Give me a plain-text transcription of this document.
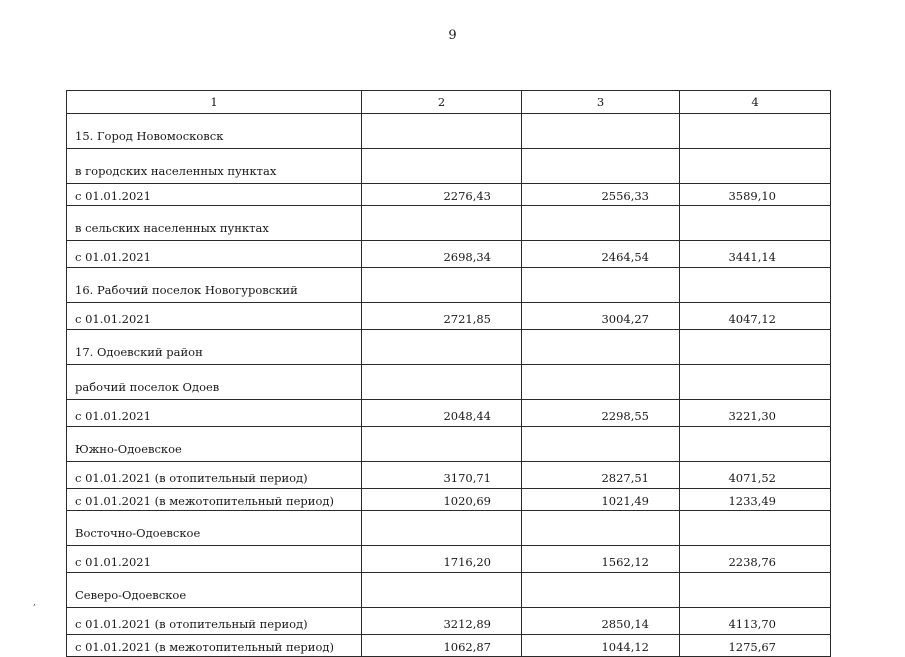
9
1	2	3	4
15. Город Новомосковск			
в городских населенных пунктах			
с 01.01.2021	2276,43	2556,33	3589,10
в сельских населенных пунктах			
с 01.01.2021	2698,34	2464,54	3441,14
16. Рабочий поселок Новогуровский			
с 01.01.2021	2721,85	3004,27	4047,12
17. Одоевский район			
рабочий поселок Одоев			
с 01.01.2021	2048,44	2298,55	3221,30
Южно-Одоевское			
с 01.01.2021 (в отопительный период)	3170,71	2827,51	4071,52
с 01.01.2021 (в межотопительный период)	1020,69	1021,49	1233,49
Восточно-Одоевское			
с 01.01.2021	1716,20	1562,12	2238,76
Северо-Одоевское			
с 01.01.2021 (в отопительный период)	3212,89	2850,14	4113,70
с 01.01.2021 (в межотопительный период)	1062,87	1044,12	1275,67
,
